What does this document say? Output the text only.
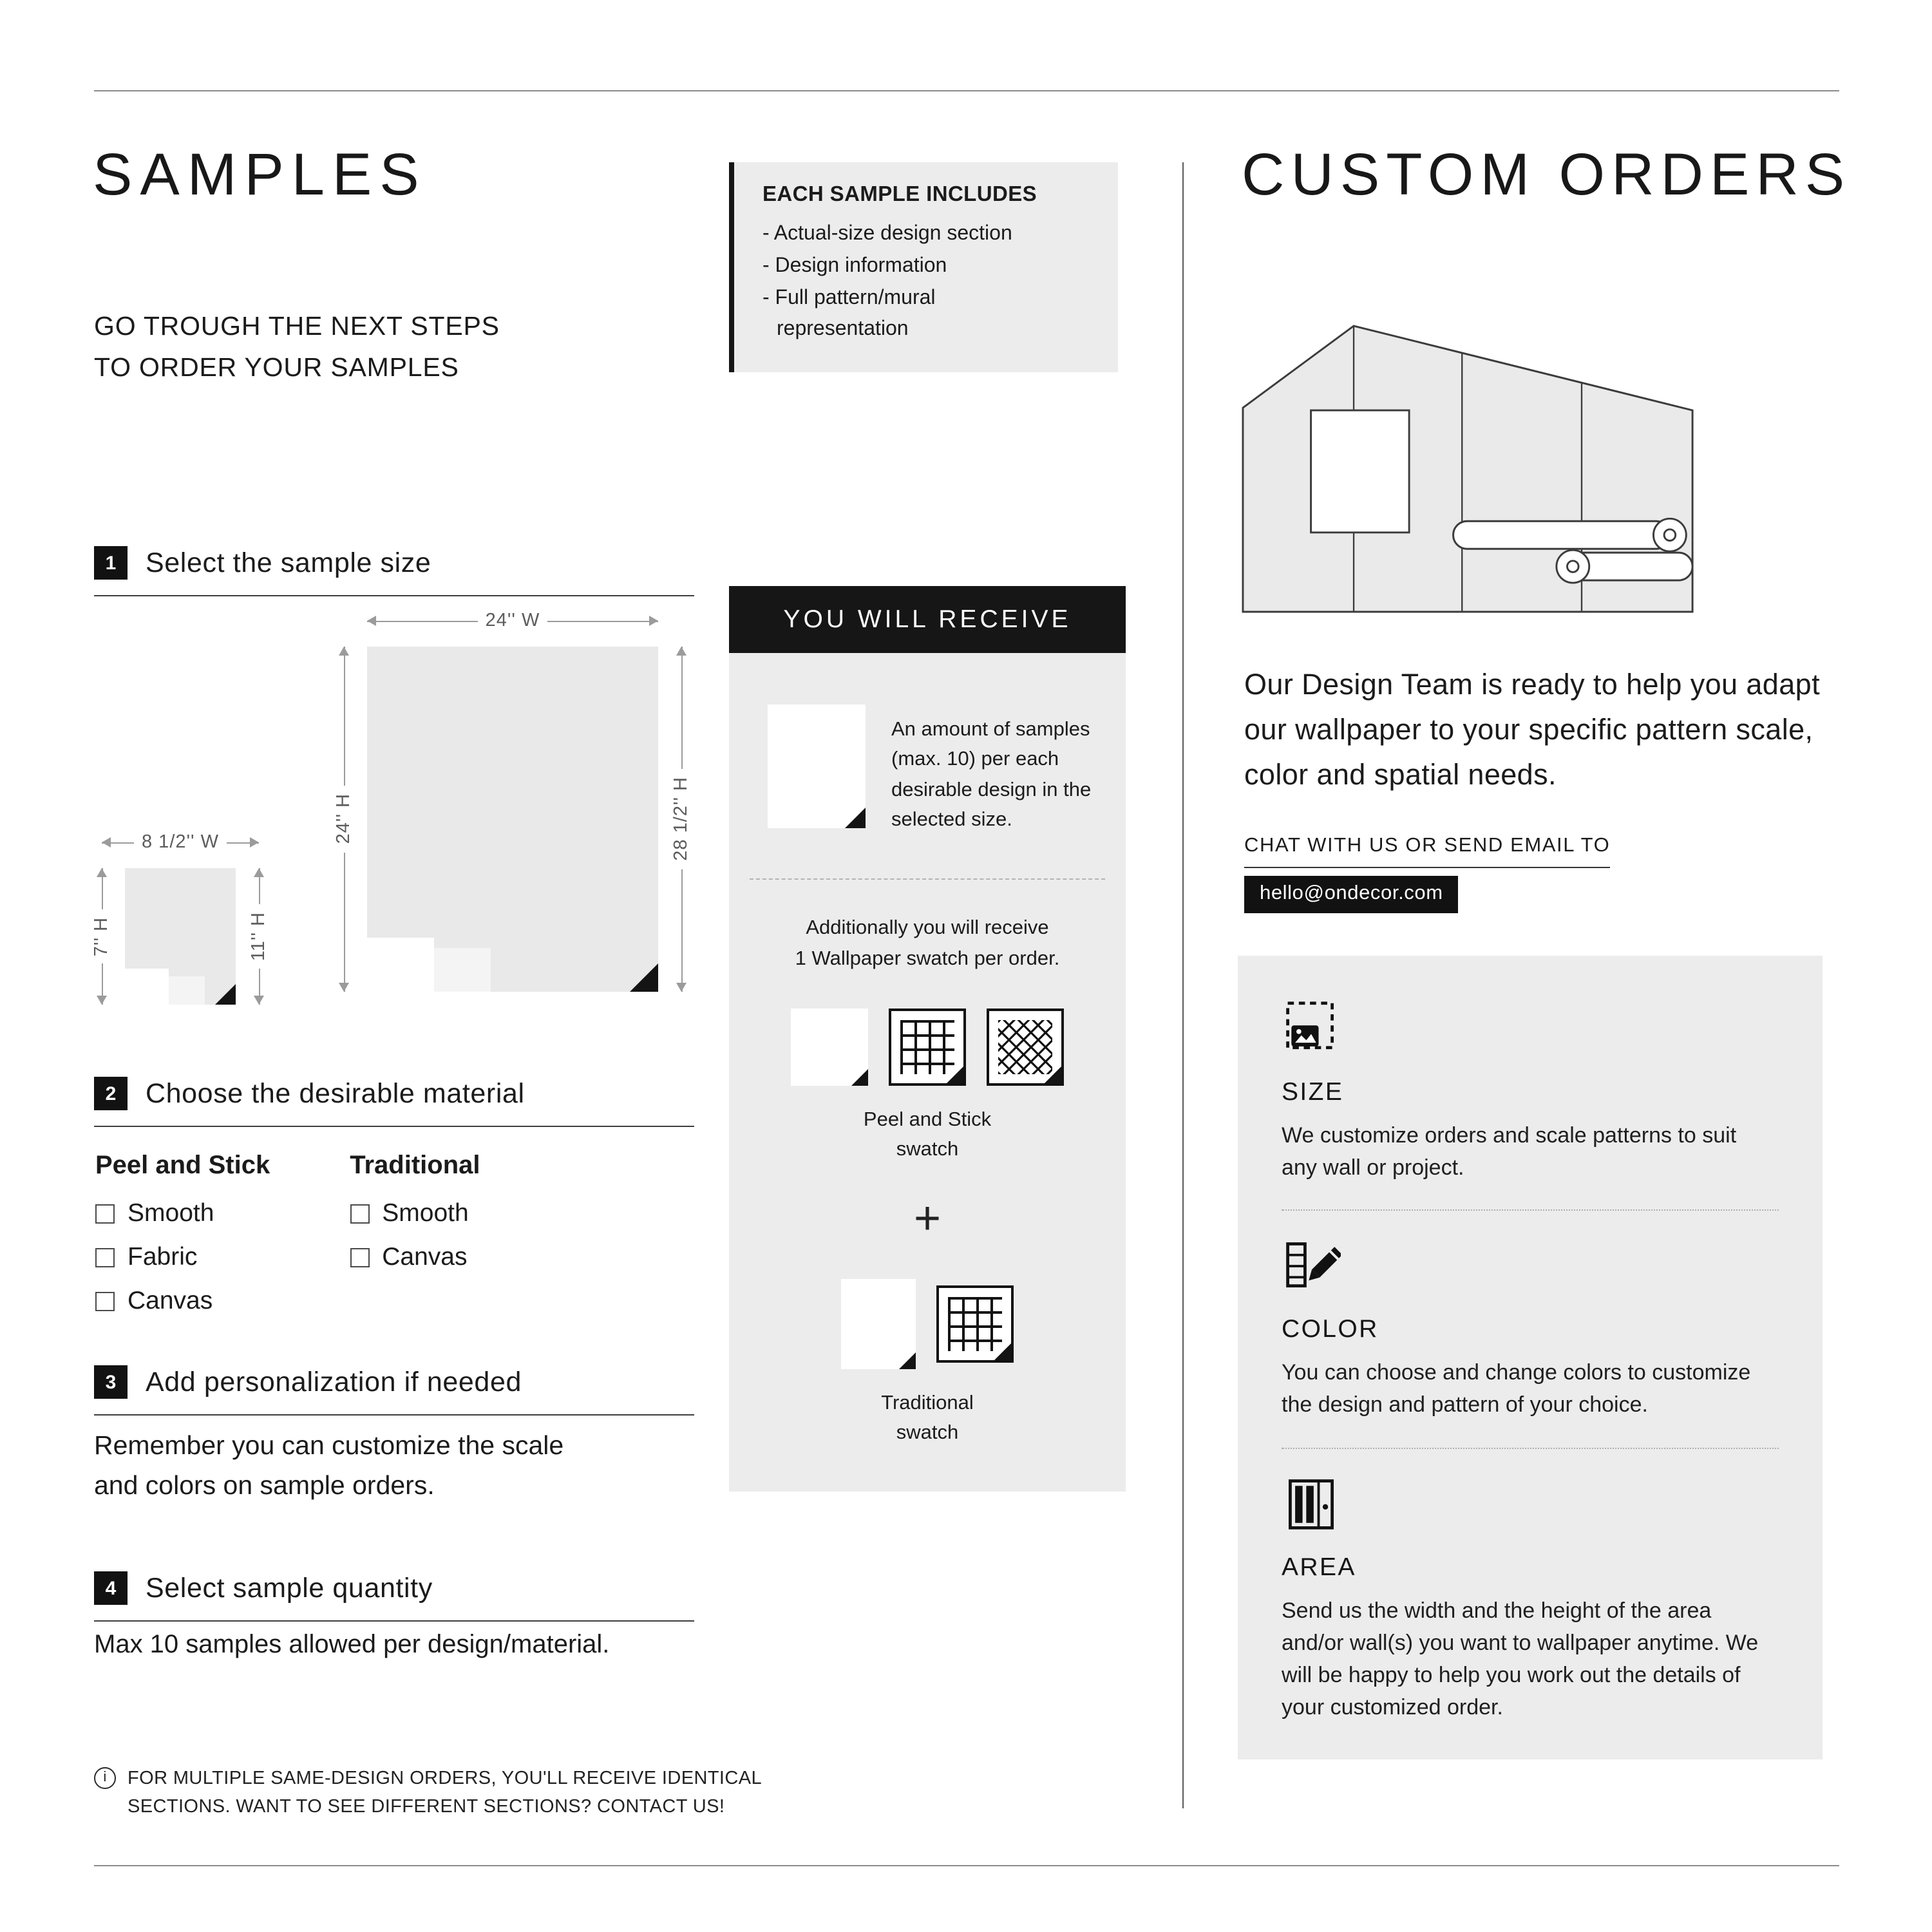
SAMPLES
GO TROUGH THE NEXT STEPS
TO ORDER YOUR SAMPLES
EACH SAMPLE INCLUDES
- Actual-size design section
- Design information
- Full pattern/mural
representation
1	Select the sample size
24'' W
24'' H	28 1/2'' H
8 1/2'' W
7'' H	11'' H
2	Choose the desirable material
Peel and Stick
Smooth
Fabric
Canvas
Traditional
Smooth
Canvas
3	Add personalization if needed
Remember you can customize the scale and colors on sample orders.
4	Select sample quantity
Max 10 samples allowed per design/material.
i	FOR MULTIPLE SAME-DESIGN ORDERS, YOU'LL RECEIVE IDENTICAL
SECTIONS. WANT TO SEE DIFFERENT SECTIONS? CONTACT US!
YOU WILL RECEIVE
An amount of samples (max. 10) per each desirable design in the selected size.
Additionally you will receive
1 Wallpaper swatch per order.
Peel and Stick
swatch
+
Traditional
swatch
CUSTOM ORDERS
Our Design Team is ready to help you adapt our wallpaper to your specific pattern scale, color and spatial needs.
CHAT WITH US OR SEND EMAIL TO
hello@ondecor.com
SIZE
We customize orders and scale patterns to suit any wall or project.
COLOR
You can choose and change colors to customize the design and pattern of your choice.
AREA
Send us the width and the height of the area and/or wall(s) you want to wallpaper anytime. We will be happy to help you work out the details of your customized order.
